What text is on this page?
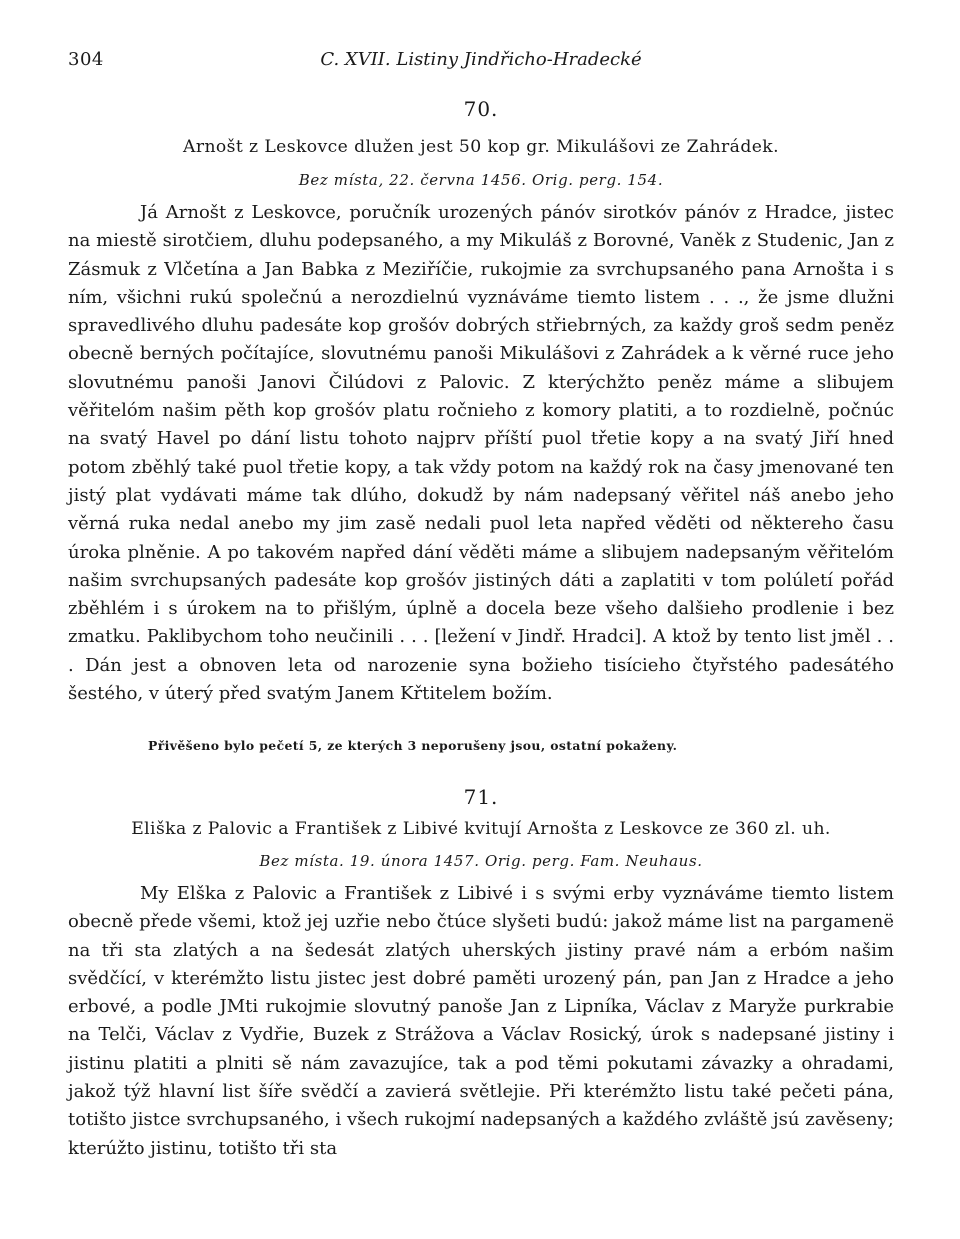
304	C. XVII. Listiny Jindřicho-Hradecké
70.
Arnošt z Leskovce dlužen jest 50 kop gr. Mikulášovi ze Zahrádek.
Bez místa, 22. června 1456. Orig. perg. 154.

Já Arnošt z Leskovce, poručník urozených pánóv sirotkóv pánóv z Hradce, jistec na miestě sirotčiem, dluhu podepsaného, a my Mikuláš z Borovné, Vaněk z Studenic, Jan z Zásmuk z Vlčetína a Jan Babka z Meziříčie, rukojmie za svrchupsaného pana Arnošta i s ním, všichni rukú společnú a nerozdielnú vyznáváme tiemto listem . . ., že jsme dlužni spravedlivého dluhu padesáte kop grošóv dobrých střiebrných, za každy groš sedm peněz obecně berných počítajíce, slovutnému panoši Mikulášovi z Zahrádek a k věrné ruce jeho slovutnému panoši Janovi Čilúdovi z Palovic. Z kterýchžto peněz máme a slibujem věřitelóm našim pěth kop grošóv platu ročnieho z komory platiti, a to rozdielně, počnúc na svatý Havel po dání listu tohoto najprv příští puol třetie kopy a na svatý Jiří hned potom zběhlý také puol třetie kopy, a tak vždy potom na každý rok na časy jmenované ten jistý plat vydávati máme tak dlúho, dokudž by nám nadepsaný věřitel náš anebo jeho věrná ruka nedal anebo my jim zasě nedali puol leta napřed věděti od některeho času úroka plněnie. A po takovém napřed dání věděti máme a slibujem nadepsaným věřitelóm našim svrchupsaných padesáte kop grošóv jistiných dáti a zaplatiti v tom polúletí pořád zběhlém i s úrokem na to přišlým, úplně a docela beze všeho dalšieho prodlenie i bez zmatku. Paklibychom toho neučinili . . . [ležení v Jindř. Hradci]. A ktož by tento list jměl . . . Dán jest a obnoven leta od narozenie syna božieho tisícieho čtyřstého padesátého šestého, v úterý před svatým Janem Křtitelem božím.

Přivěšeno bylo pečetí 5, ze kterých 3 neporušeny jsou, ostatní pokaženy.
71.
Eliška z Palovic a František z Libivé kvitují Arnošta z Leskovce ze 360 zl. uh.
Bez místa. 19. února 1457. Orig. perg. Fam. Neuhaus.

My Elška z Palovic a František z Libivé i s svými erby vyznáváme tiemto listem obecně přede všemi, ktož jej uzřie nebo čtúce slyšeti budú: jakož máme list na pargamenë na tři sta zlatých a na šedesát zlatých uherských jistiny pravé nám a erbóm našim svědčící, v kterémžto listu jistec jest dobré paměti urozený pán, pan Jan z Hradce a jeho erbové, a podle JMti rukojmie slovutný panoše Jan z Lipníka, Václav z Maryže purkrabie na Telči, Václav z Vydřie, Buzek z Strážova a Václav Rosický, úrok s nadepsané jistiny i jistinu platiti a plniti sě nám zavazujíce, tak a pod těmi pokutami závazky a ohradami, jakož týž hlavní list šíře svědčí a zavierá světlejie. Při kterémžto listu také pečeti pána, totišto jistce svrchupsaného, i všech rukojmí nadepsaných a každého zvláště jsú zavěseny; kterúžto jistinu, totišto tři sta
